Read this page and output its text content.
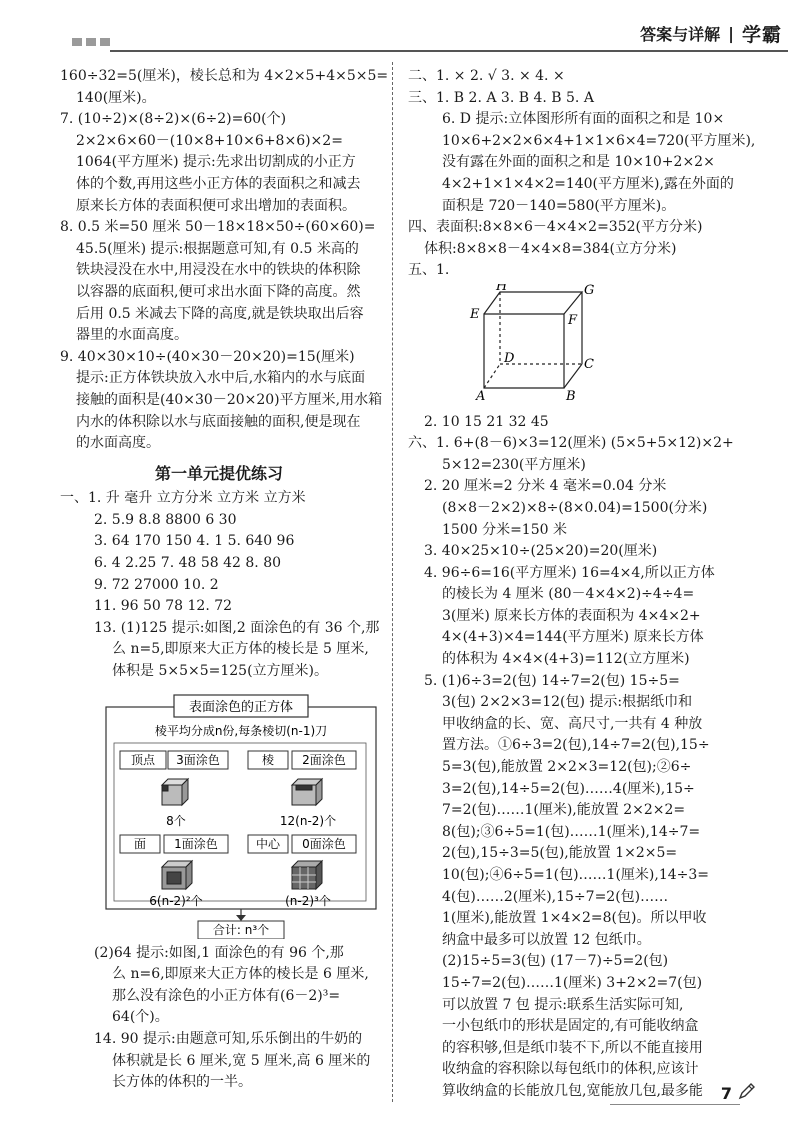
答案与详解 | 学霸
160÷32=5(厘米)，棱长总和为 4×2×5+4×5×5=
140(厘米)。
7. (10÷2)×(8÷2)×(6÷2)=60(个)
2×2×6×60－(10×8+10×6+8×6)×2=
1064(平方厘米) 提示:先求出切割成的小正方
体的个数,再用这些小正方体的表面积之和减去
原来长方体的表面积便可求出增加的表面积。
8. 0.5 米=50 厘米 50－18×18×50÷(60×60)=
45.5(厘米) 提示:根据题意可知,有 0.5 米高的
铁块浸没在水中,用浸没在水中的铁块的体积除
以容器的底面积,便可求出水面下降的高度。然
后用 0.5 米减去下降的高度,就是铁块取出后容
器里的水面高度。
9. 40×30×10÷(40×30－20×20)=15(厘米)
提示:正方体铁块放入水中后,水箱内的水与底面
接触的面积是(40×30－20×20)平方厘米,用水箱
内水的体积除以水与底面接触的面积,便是现在
的水面高度。
第一单元提优练习
一、1. 升 毫升 立方分米 立方米 立方米
2. 5.9 8.8 8800 6 30
3. 64 170 150 4. 1 5. 640 96
6. 4 2.25 7. 48 58 42 8. 80
9. 72 27000 10. 2
11. 96 50 78 12. 72
13. (1)125 提示:如图,2 面涂色的有 36 个,那
么 n=5,即原来大正方体的棱长是 5 厘米,
体积是 5×5×5=125(立方厘米)。
表面涂色的正方体
棱平均分成n份,每条棱切(n-1)刀
顶点 3面涂色
8个
棱 2面涂色
12(n-2)个
面 1面涂色
6(n-2)²个
中心 0面涂色
(n-2)³个
合计: n³个
(2)64 提示:如图,1 面涂色的有 96 个,那
么 n=6,即原来大正方体的棱长是 6 厘米,
那么没有涂色的小正方体有(6－2)³=
64(个)。
14. 90 提示:由题意可知,乐乐倒出的牛奶的
体积就是长 6 厘米,宽 5 厘米,高 6 厘米的
长方体的体积的一半。
二、1. × 2. √ 3. × 4. ×
三、1. B 2. A 3. B 4. B 5. A
6. D 提示:立体图形所有面的面积之和是 10×
10×6+2×2×6×4+1×1×6×4=720(平方厘米),
没有露在外面的面积之和是 10×10+2×2×
4×2+1×1×4×2=140(平方厘米),露在外面的
面积是 720－140=580(平方厘米)。
四、表面积:8×8×6－4×4×2=352(平方分米)
体积:8×8×8－4×4×8=384(立方分米)
五、1.
H	G
E	F
D	C
A	B
2. 10 15 21 32 45
六、1. 6+(8－6)×3=12(厘米) (5×5+5×12)×2+
5×12=230(平方厘米)
2. 20 厘米=2 分米 4 毫米=0.04 分米
(8×8－2×2)×8÷(8×0.04)=1500(分米)
1500 分米=150 米
3. 40×25×10÷(25×20)=20(厘米)
4. 96÷6=16(平方厘米) 16=4×4,所以正方体
的棱长为 4 厘米 (80－4×4×2)÷4÷4=
3(厘米) 原来长方体的表面积为 4×4×2+
4×(4+3)×4=144(平方厘米) 原来长方体
的体积为 4×4×(4+3)=112(立方厘米)
5. (1)6÷3=2(包) 14÷7=2(包) 15÷5=
3(包) 2×2×3=12(包) 提示:根据纸巾和
甲收纳盒的长、宽、高尺寸,一共有 4 种放
置方法。①6÷3=2(包),14÷7=2(包),15÷
5=3(包),能放置 2×2×3=12(包);②6÷
3=2(包),14÷5=2(包)……4(厘米),15÷
7=2(包)……1(厘米),能放置 2×2×2=
8(包);③6÷5=1(包)……1(厘米),14÷7=
2(包),15÷3=5(包),能放置 1×2×5=
10(包);④6÷5=1(包)……1(厘米),14÷3=
4(包)……2(厘米),15÷7=2(包)……
1(厘米),能放置 1×4×2=8(包)。所以甲收
纳盒中最多可以放置 12 包纸巾。
(2)15÷5=3(包) (17－7)÷5=2(包)
15÷7=2(包)……1(厘米) 3+2×2=7(包)
可以放置 7 包 提示:联系生活实际可知,
一小包纸巾的形状是固定的,有可能收纳盒
的容积够,但是纸巾装不下,所以不能直接用
收纳盒的容积除以每包纸巾的体积,应该计
算收纳盒的长能放几包,宽能放几包,最多能	7
